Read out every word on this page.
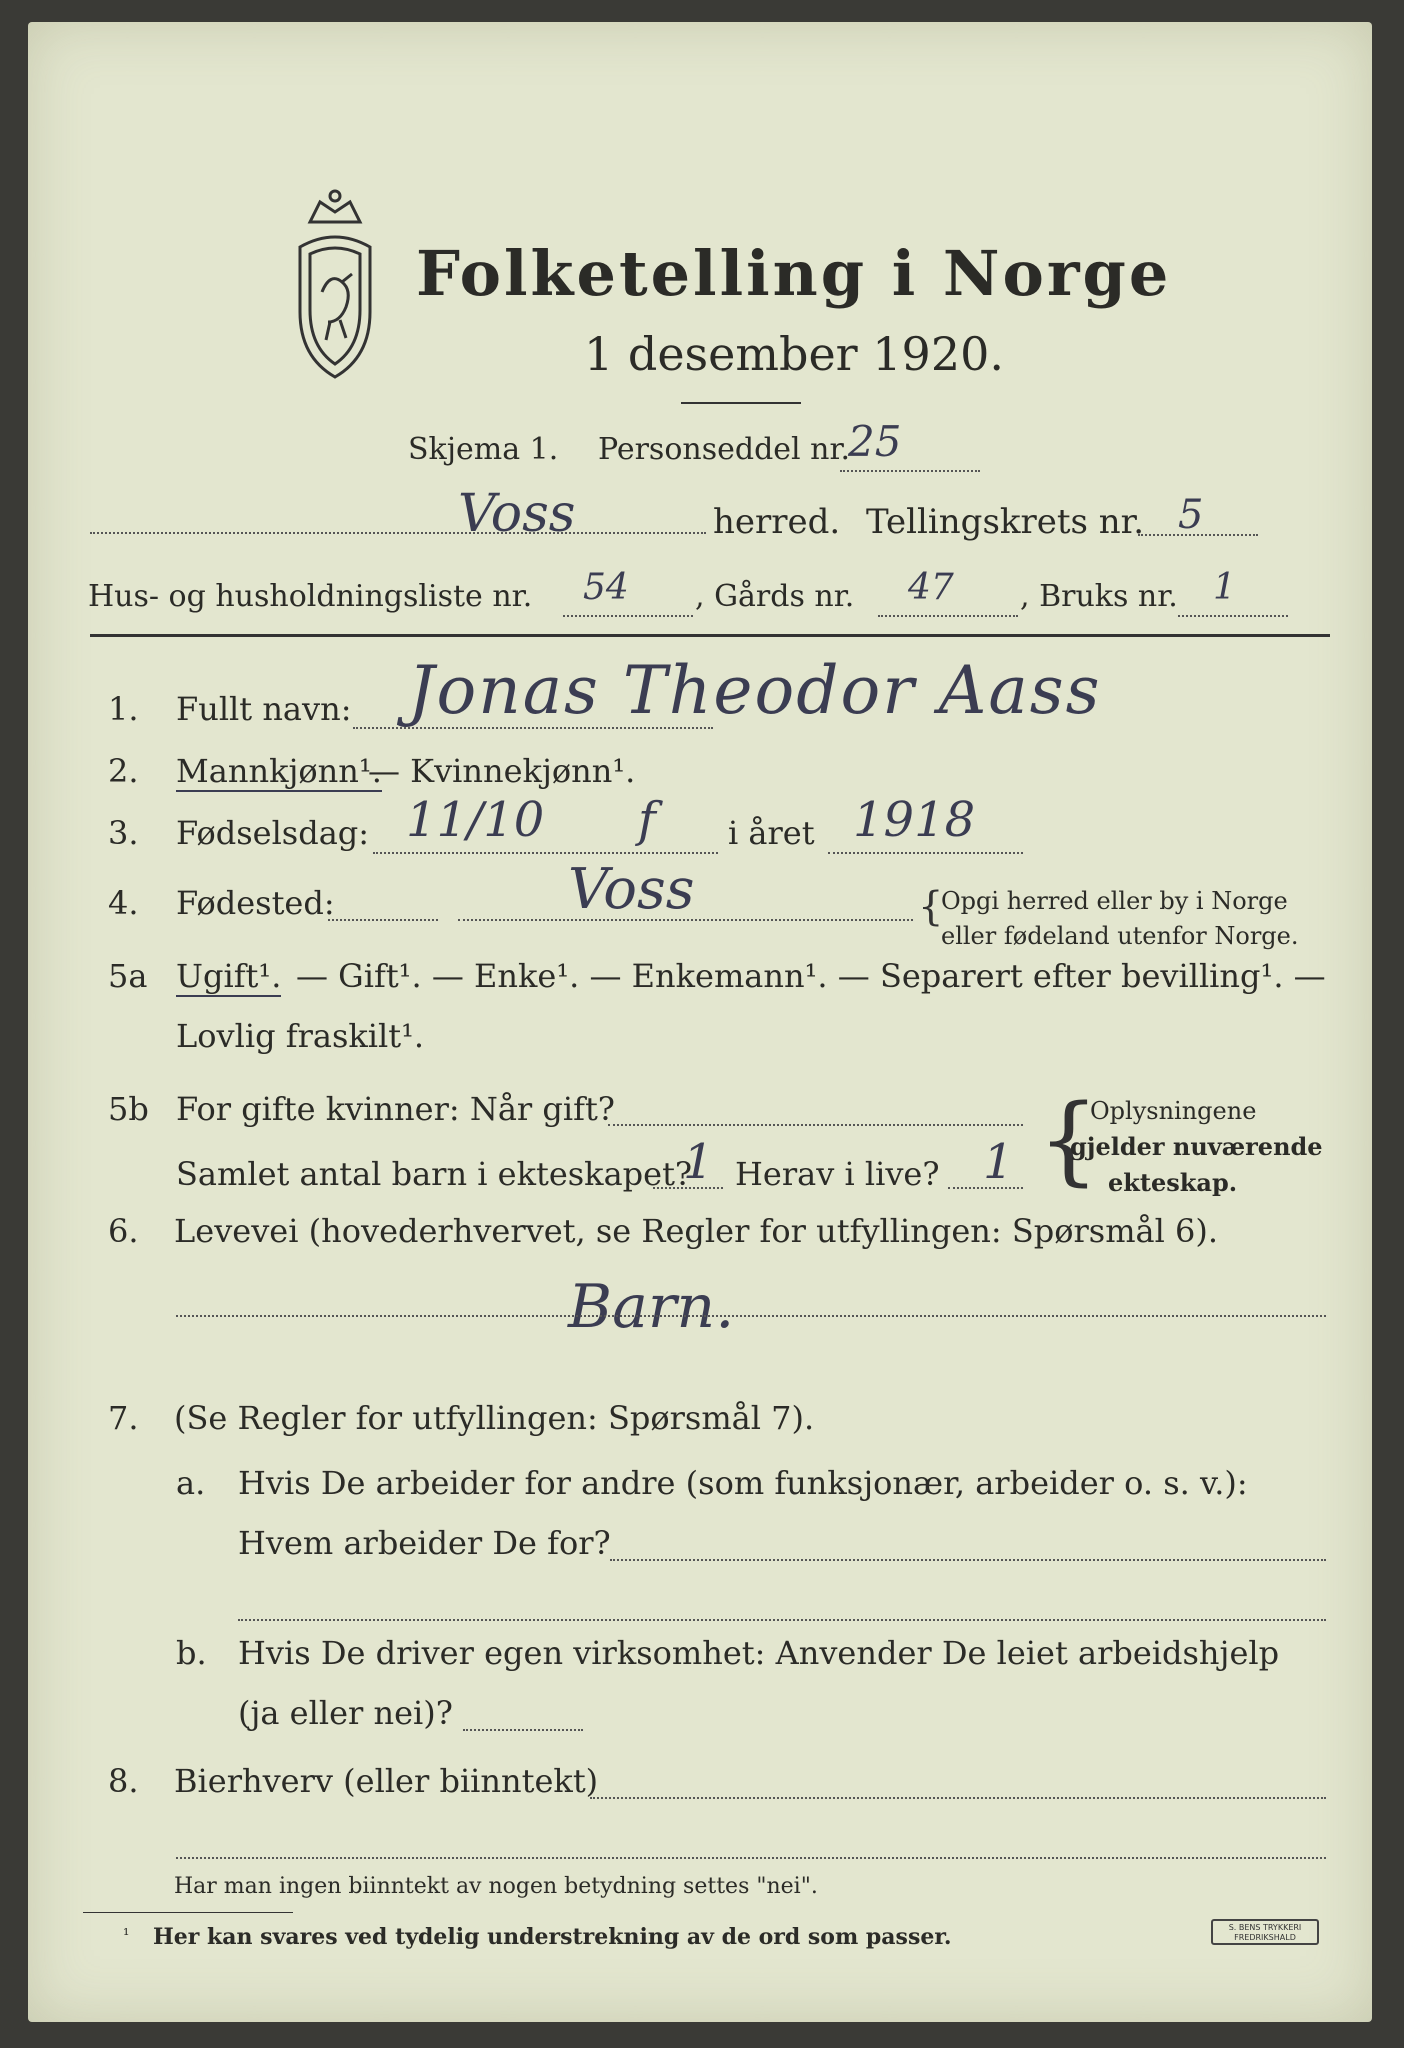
Folketelling i Norge
1 desember 1920.
Skjema 1. Personseddel nr.
25
Voss	herred. Tellingskrets nr. 5
Hus- og husholdningsliste nr. 54 , Gårds nr. 47 , Bruks nr. 1
1. Fullt navn: Jonas Theodor Aass
2. Mannkjønn¹.
— Kvinnekjønn¹.
3. Fødselsdag: 11/10 f i året 1918
4. Fødested:	Voss	{
Opgi herred eller by i Norge
eller fødeland utenfor Norge.
5a Ugift¹. — Gift¹. — Enke¹. — Enkemann¹. — Separert efter bevilling¹. —
Lovlig fraskilt¹.
5b For gifte kvinner: Når gift?
Samlet antal barn i ekteskapet?
1 Herav i live? 1 {
Oplysningene
gjelder nuværende
ekteskap.
6. Levevei (hovederhvervet, se Regler for utfyllingen: Spørsmål 6).
Barn.
7. (Se Regler for utfyllingen: Spørsmål 7).
a. Hvis De arbeider for andre (som funksjonær, arbeider o. s. v.):
Hvem arbeider De for?
b. Hvis De driver egen virksomhet: Anvender De leiet arbeidshjelp
(ja eller nei)?
8. Bierhverv (eller biinntekt)
Har man ingen biinntekt av nogen betydning settes "nei".
¹ Her kan svares ved tydelig understrekning av de ord som passer.	S. BENS TRYKKERI
FREDRIKSHALD
